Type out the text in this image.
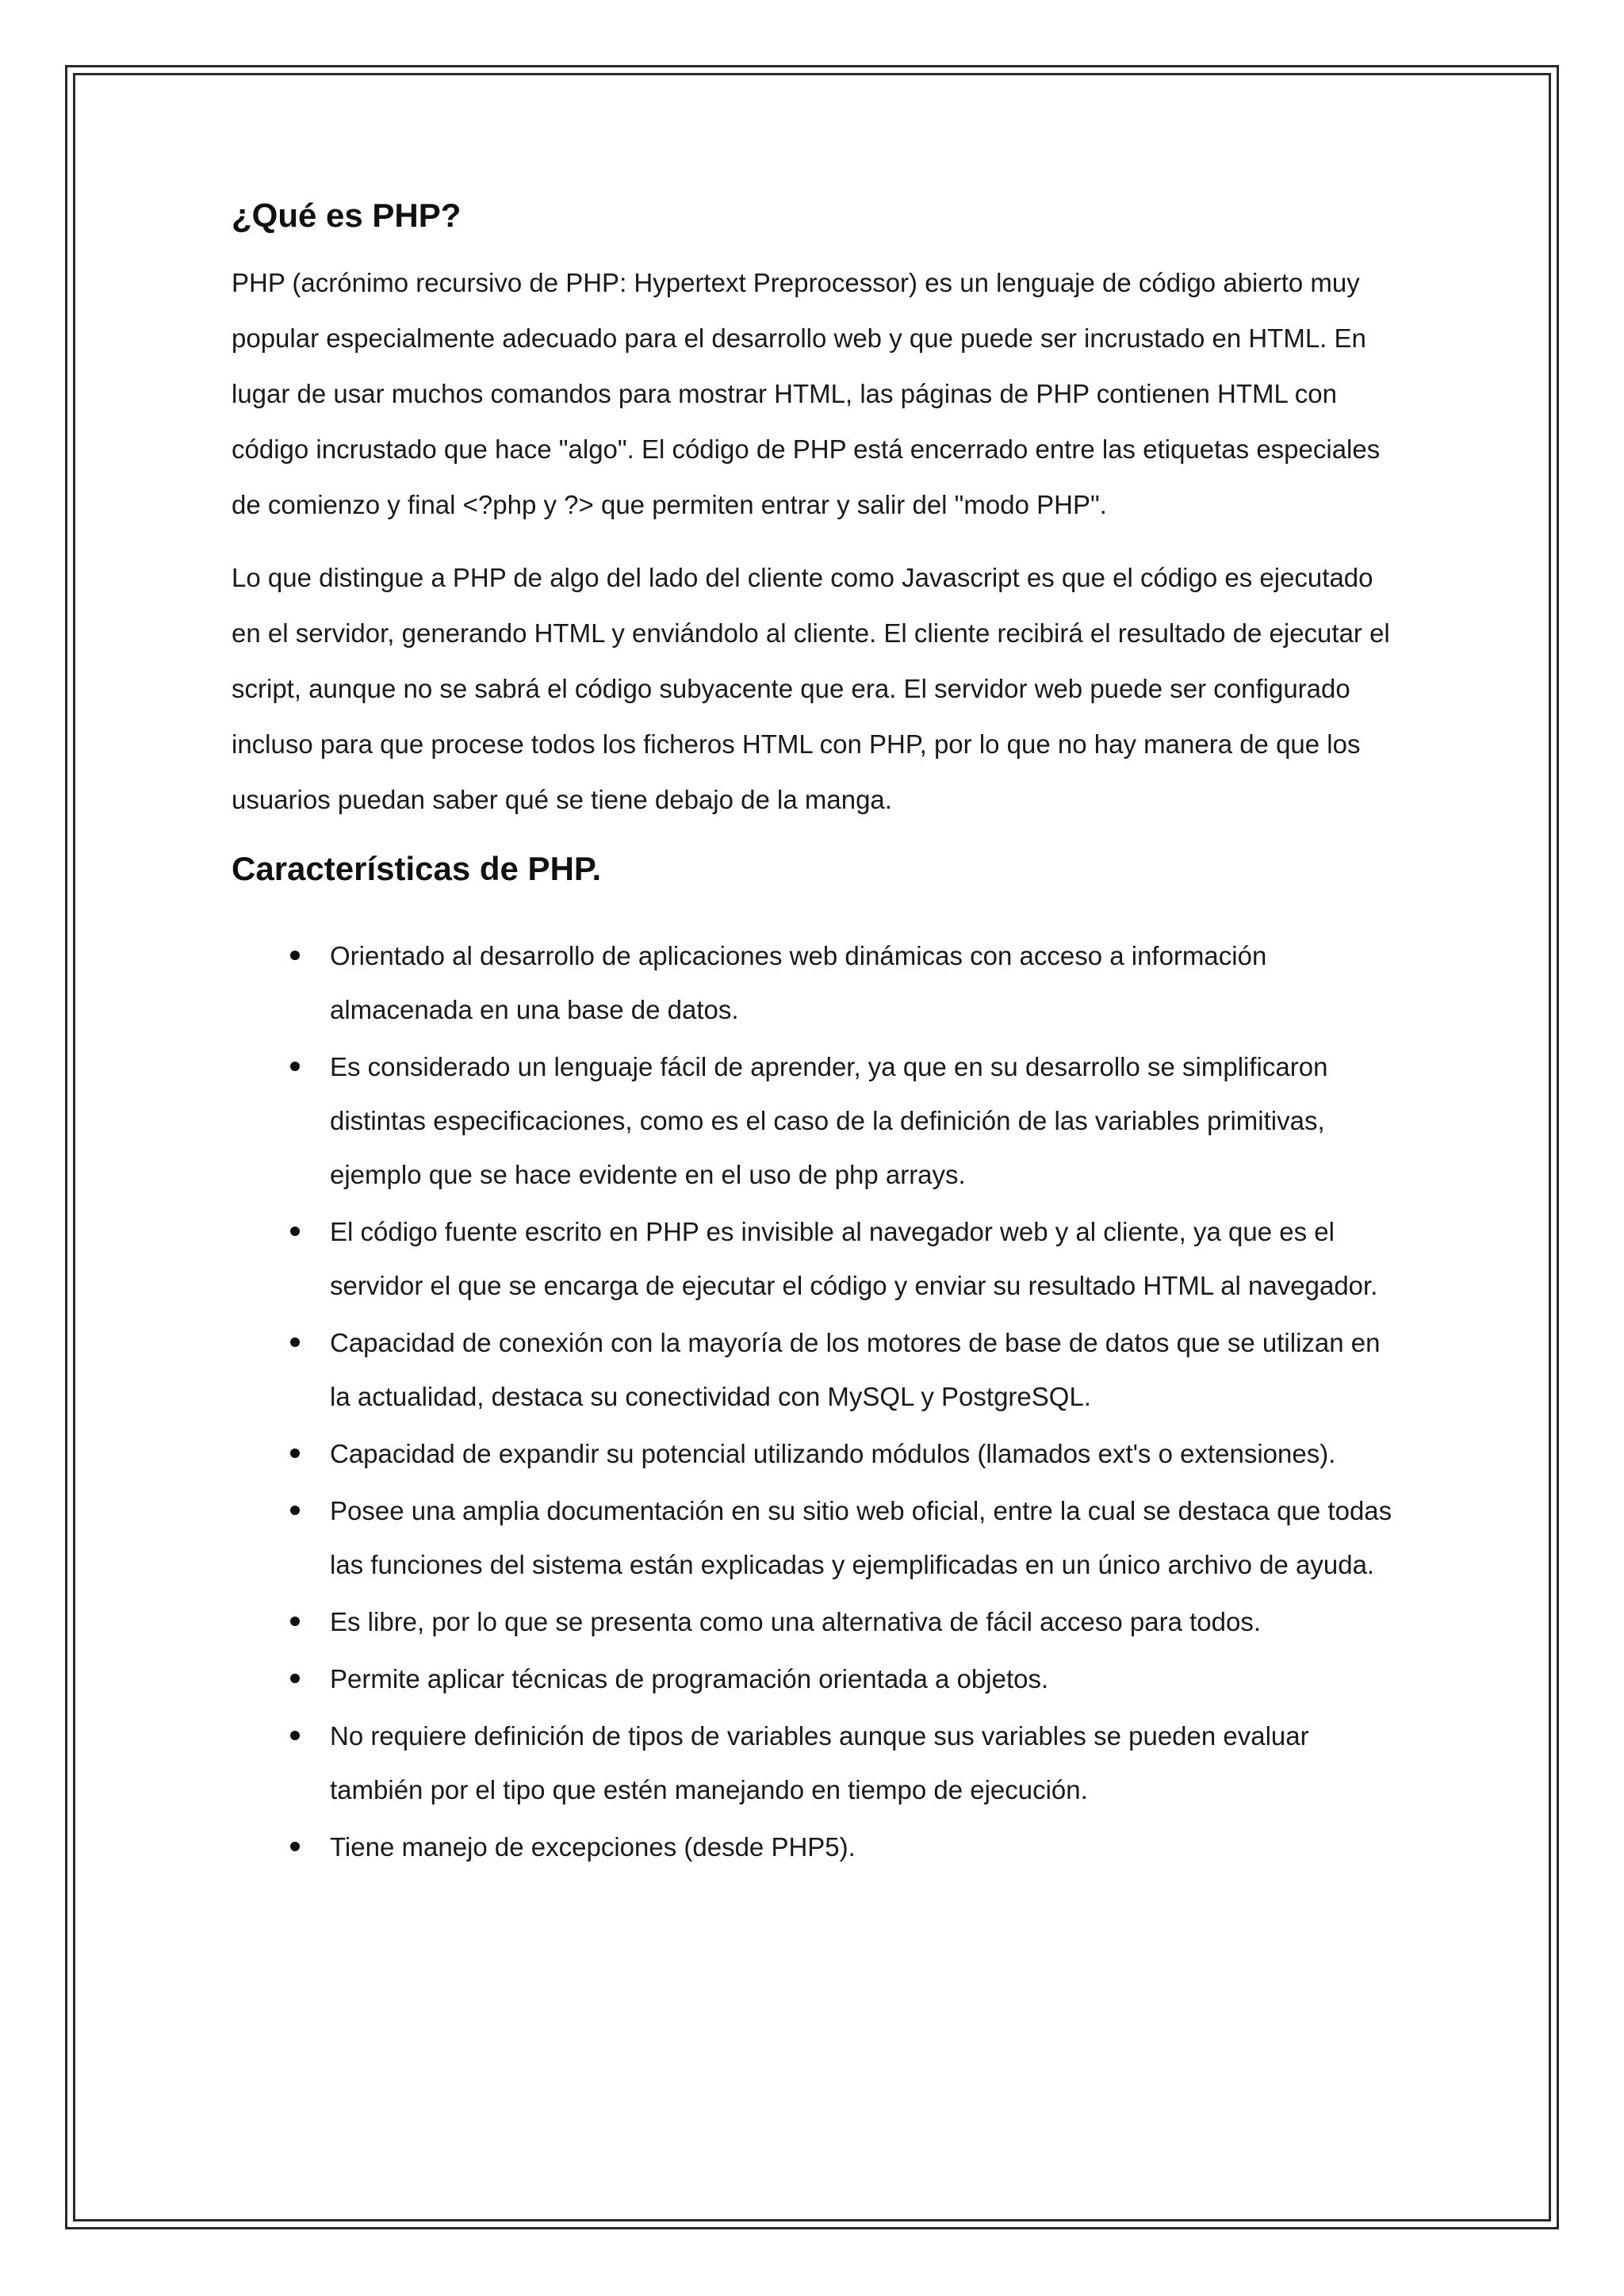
¿Qué es PHP?

PHP (acrónimo recursivo de PHP: Hypertext Preprocessor) es un lenguaje de código abierto muy popular especialmente adecuado para el desarrollo web y que puede ser incrustado en HTML. En lugar de usar muchos comandos para mostrar HTML, las páginas de PHP contienen HTML con código incrustado que hace "algo". El código de PHP está encerrado entre las etiquetas especiales de comienzo y final <?php y ?> que permiten entrar y salir del "modo PHP".

Lo que distingue a PHP de algo del lado del cliente como Javascript es que el código es ejecutado en el servidor, generando HTML y enviándolo al cliente. El cliente recibirá el resultado de ejecutar el script, aunque no se sabrá el código subyacente que era. El servidor web puede ser configurado incluso para que procese todos los ficheros HTML con PHP, por lo que no hay manera de que los usuarios puedan saber qué se tiene debajo de la manga.

Características de PHP.
Orientado al desarrollo de aplicaciones web dinámicas con acceso a información almacenada en una base de datos.
Es considerado un lenguaje fácil de aprender, ya que en su desarrollo se simplificaron distintas especificaciones, como es el caso de la definición de las variables primitivas, ejemplo que se hace evidente en el uso de php arrays.
El código fuente escrito en PHP es invisible al navegador web y al cliente, ya que es el servidor el que se encarga de ejecutar el código y enviar su resultado HTML al navegador.
Capacidad de conexión con la mayoría de los motores de base de datos que se utilizan en la actualidad, destaca su conectividad con MySQL y PostgreSQL.
Capacidad de expandir su potencial utilizando módulos (llamados ext's o extensiones).
Posee una amplia documentación en su sitio web oficial, entre la cual se destaca que todas las funciones del sistema están explicadas y ejemplificadas en un único archivo de ayuda.
Es libre, por lo que se presenta como una alternativa de fácil acceso para todos.
Permite aplicar técnicas de programación orientada a objetos.
No requiere definición de tipos de variables aunque sus variables se pueden evaluar también por el tipo que estén manejando en tiempo de ejecución.
Tiene manejo de excepciones (desde PHP5).
